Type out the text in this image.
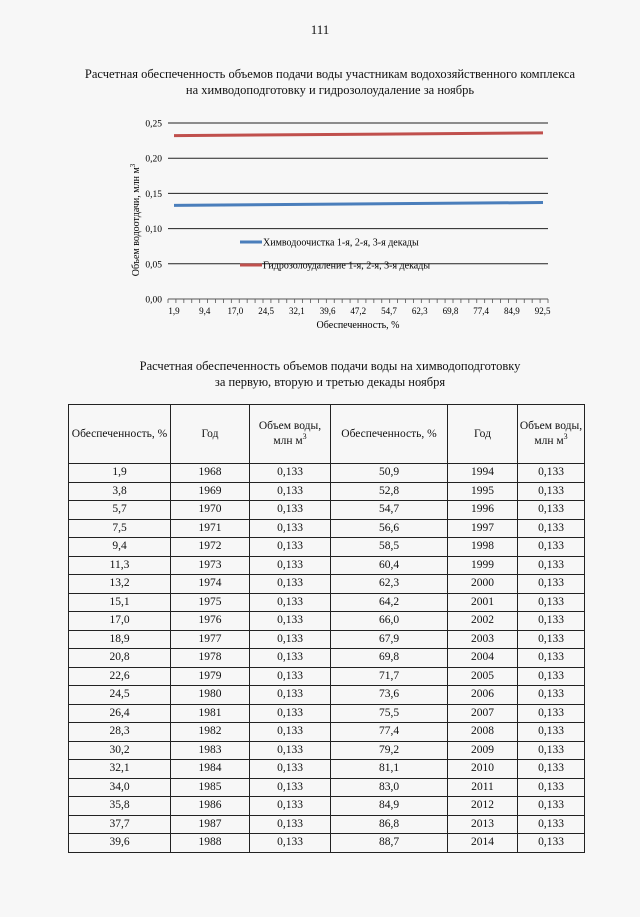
111
Расчетная обеспеченность объемов подачи воды участникам водохозяйственного комплекса
на химводоподготовку и гидрозолоудаление за ноябрь
0,00
0,05
0,10
0,15
0,20
0,25
1,9 9,4 17,0 24,5 32,1 39,6 47,2 54,7 62,3 69,8 77,4 84,9 92,5
Химводоочистка 1-я, 2-я, 3-я декады
Гидрозолоудаление 1-я, 2-я, 3-я декады
Обеспеченность, %
Объем водоотдачи, млн $м^3$
Расчетная обеспеченность объемов подачи воды на химводоподготовку
за первую, вторую и третью декады ноября
Обеспеченность, %	Год	Объем воды, млн $м^3$	Обеспеченность, %	Год	Объем воды, млн $м^3$
1,9	1968	0,133	50,9	1994	0,133
3,8	1969	0,133	52,8	1995	0,133
5,7	1970	0,133	54,7	1996	0,133
7,5	1971	0,133	56,6	1997	0,133
9,4	1972	0,133	58,5	1998	0,133
11,3	1973	0,133	60,4	1999	0,133
13,2	1974	0,133	62,3	2000	0,133
15,1	1975	0,133	64,2	2001	0,133
17,0	1976	0,133	66,0	2002	0,133
18,9	1977	0,133	67,9	2003	0,133
20,8	1978	0,133	69,8	2004	0,133
22,6	1979	0,133	71,7	2005	0,133
24,5	1980	0,133	73,6	2006	0,133
26,4	1981	0,133	75,5	2007	0,133
28,3	1982	0,133	77,4	2008	0,133
30,2	1983	0,133	79,2	2009	0,133
32,1	1984	0,133	81,1	2010	0,133
34,0	1985	0,133	83,0	2011	0,133
35,8	1986	0,133	84,9	2012	0,133
37,7	1987	0,133	86,8	2013	0,133
39,6	1988	0,133	88,7	2014	0,133
